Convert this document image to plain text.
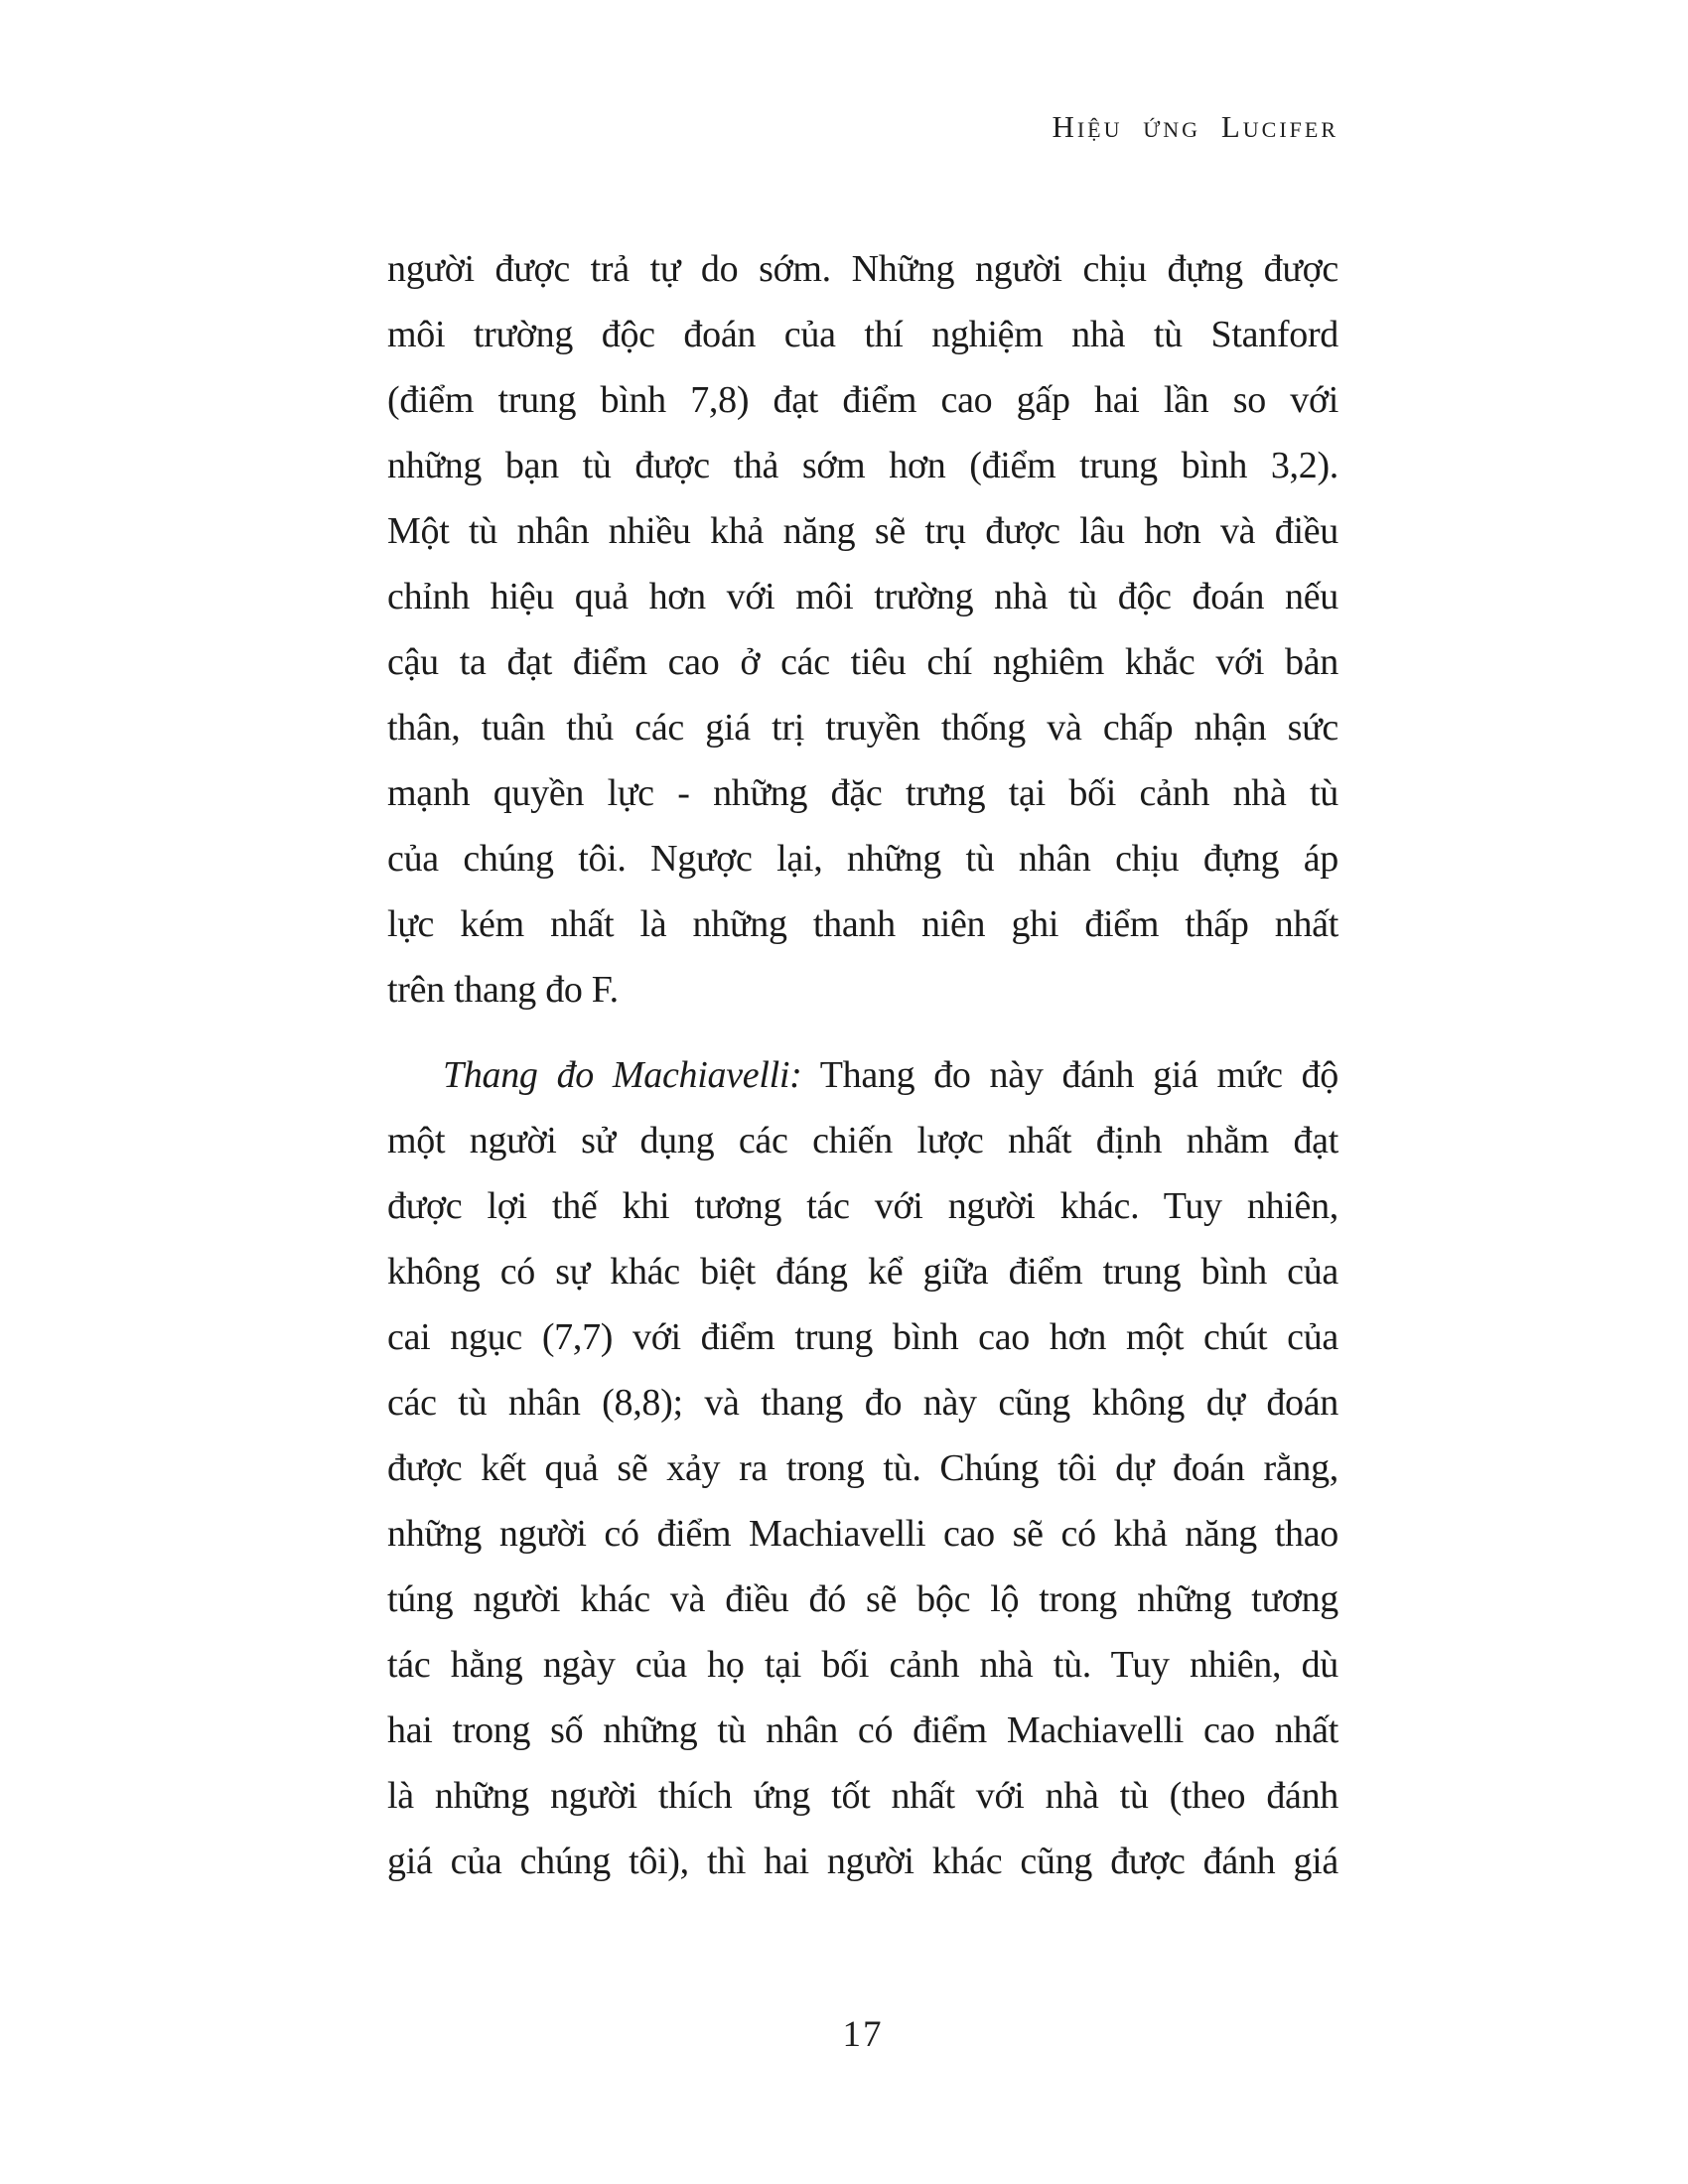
Hiệu ứng Lucifer
người được trả tự do sớm. Những người chịu đựng được
môi trường độc đoán của thí nghiệm nhà tù Stanford
(điểm trung bình 7,8) đạt điểm cao gấp hai lần so với
những bạn tù được thả sớm hơn (điểm trung bình 3,2).
Một tù nhân nhiều khả năng sẽ trụ được lâu hơn và điều
chỉnh hiệu quả hơn với môi trường nhà tù độc đoán nếu
cậu ta đạt điểm cao ở các tiêu chí nghiêm khắc với bản
thân, tuân thủ các giá trị truyền thống và chấp nhận sức
mạnh quyền lực - những đặc trưng tại bối cảnh nhà tù
của chúng tôi. Ngược lại, những tù nhân chịu đựng áp
lực kém nhất là những thanh niên ghi điểm thấp nhất
trên thang đo F.
Thang đo Machiavelli: Thang đo này đánh giá mức độ
một người sử dụng các chiến lược nhất định nhằm đạt
được lợi thế khi tương tác với người khác. Tuy nhiên,
không có sự khác biệt đáng kể giữa điểm trung bình của
cai ngục (7,7) với điểm trung bình cao hơn một chút của
các tù nhân (8,8); và thang đo này cũng không dự đoán
được kết quả sẽ xảy ra trong tù. Chúng tôi dự đoán rằng,
những người có điểm Machiavelli cao sẽ có khả năng thao
túng người khác và điều đó sẽ bộc lộ trong những tương
tác hằng ngày của họ tại bối cảnh nhà tù. Tuy nhiên, dù
hai trong số những tù nhân có điểm Machiavelli cao nhất
là những người thích ứng tốt nhất với nhà tù (theo đánh
giá của chúng tôi), thì hai người khác cũng được đánh giá
17
